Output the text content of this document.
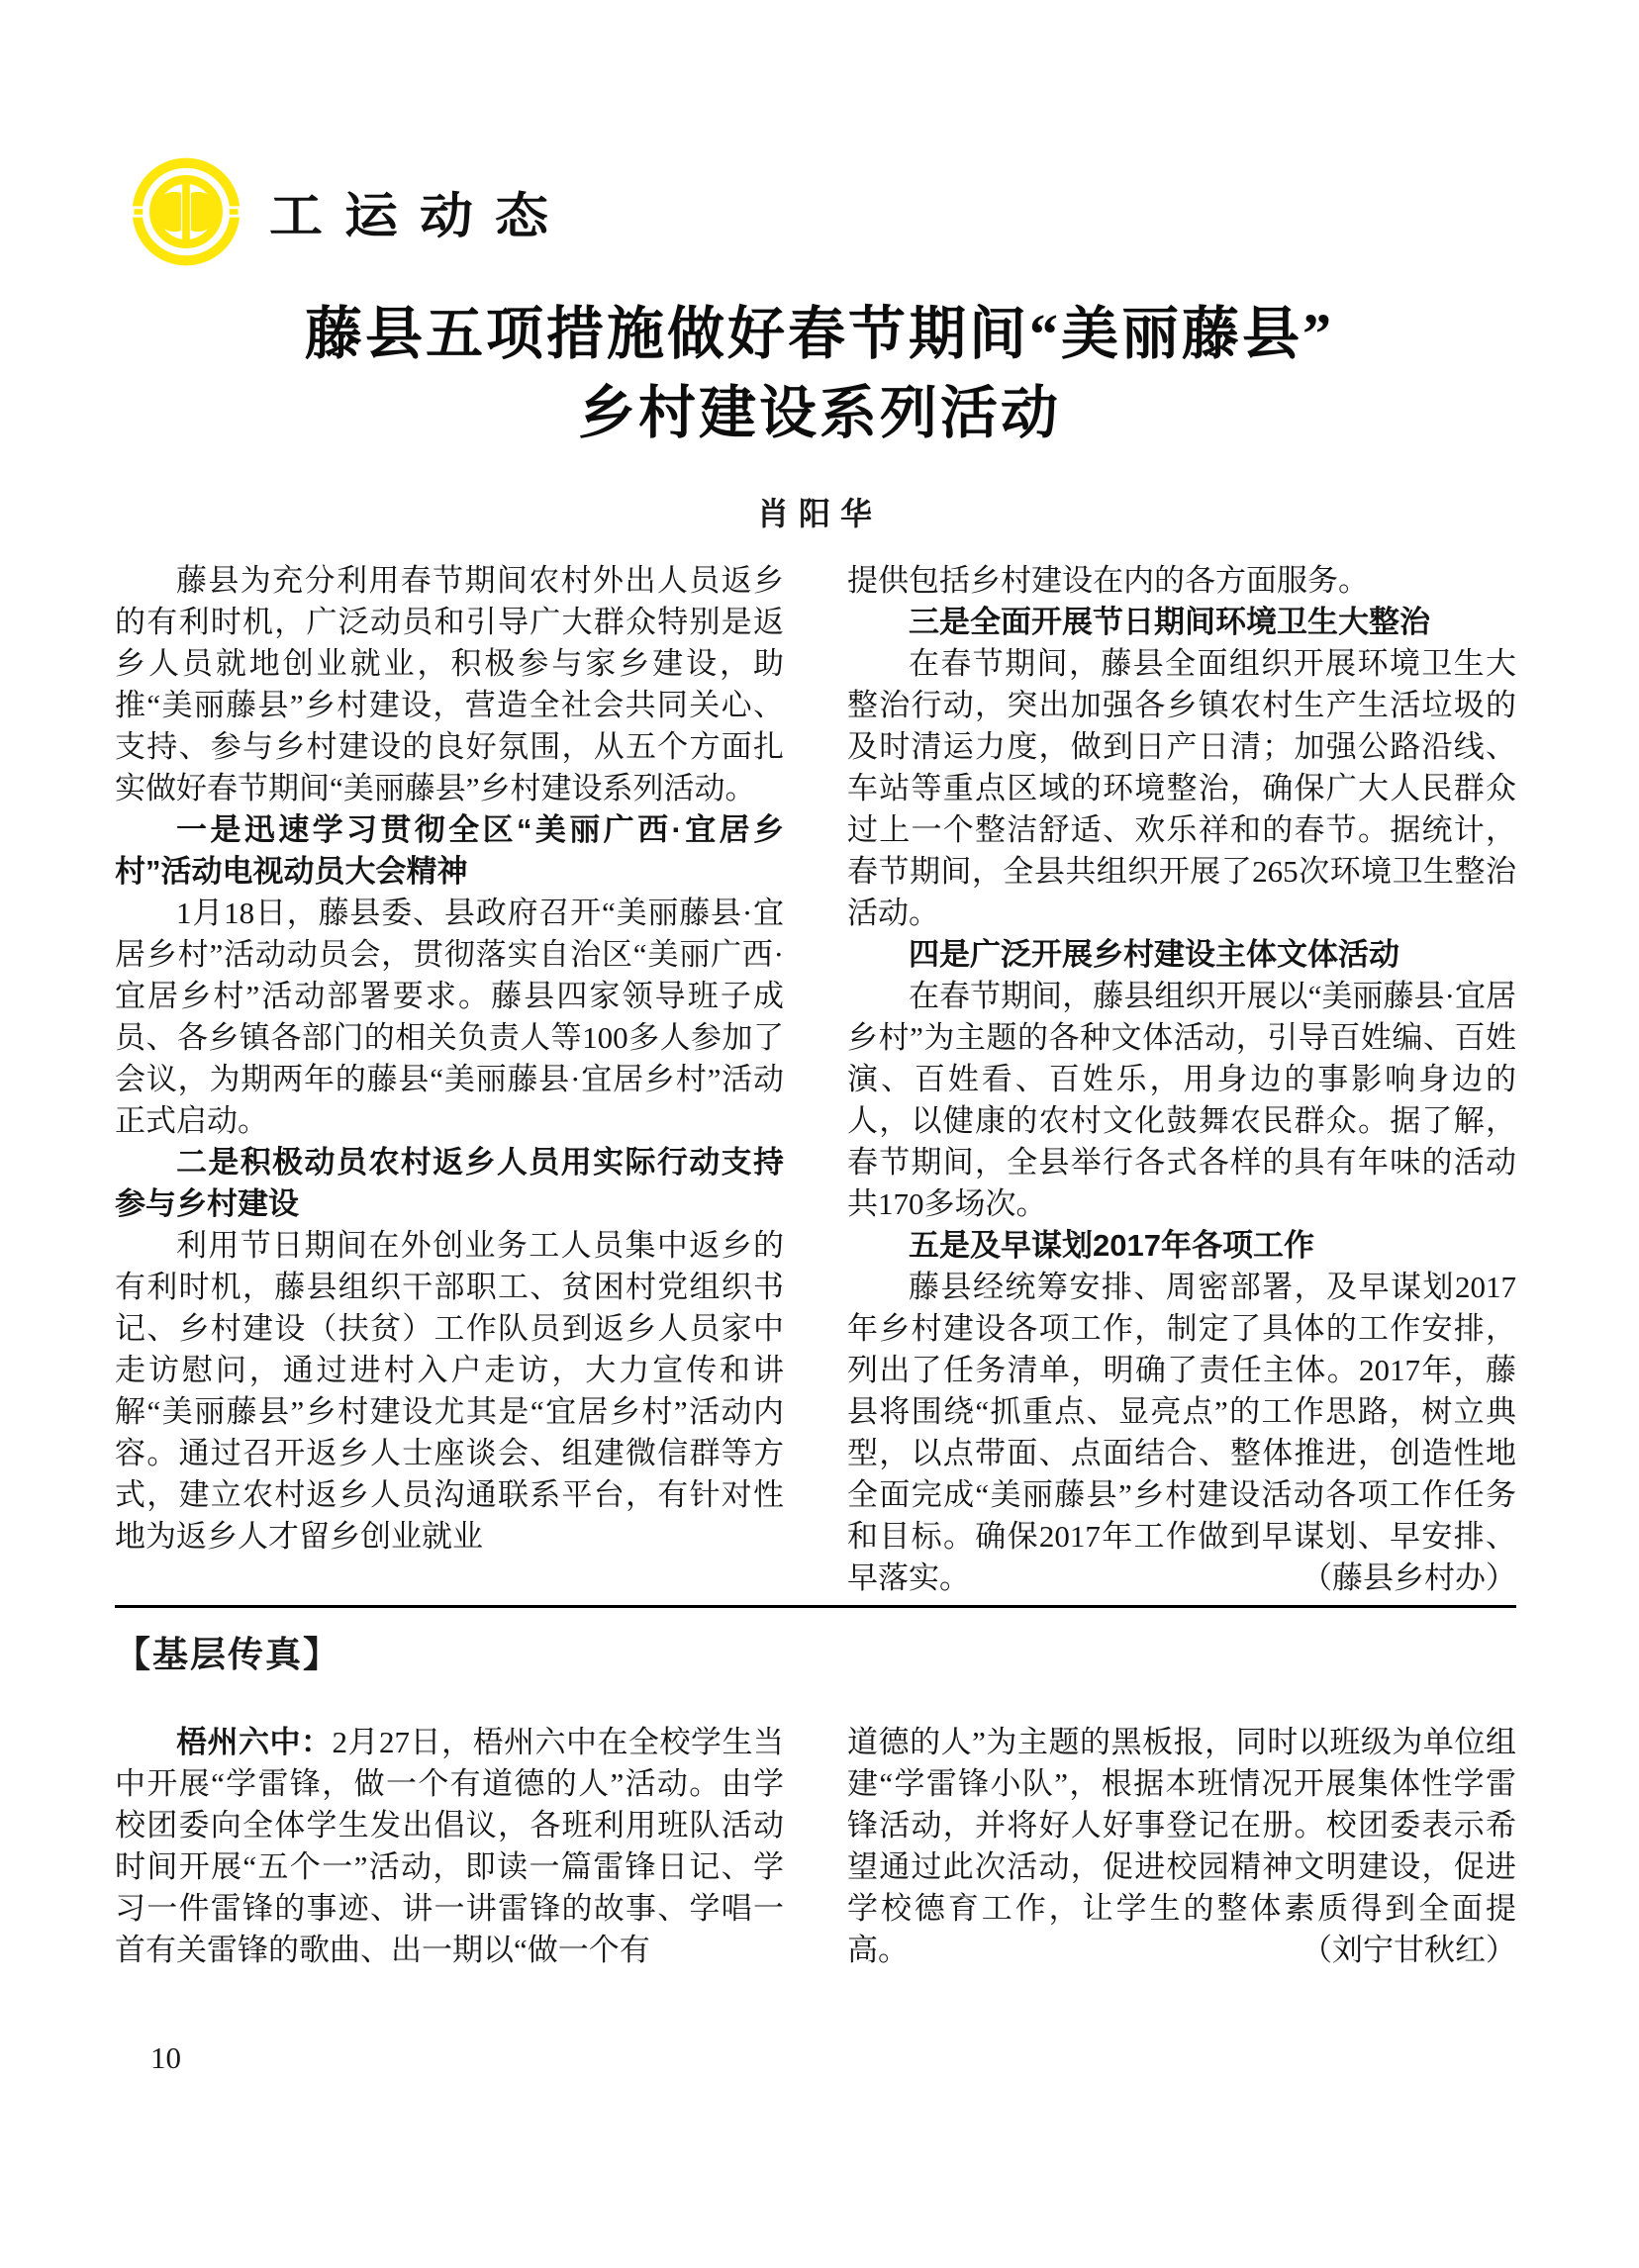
工运动态
藤县五项措施做好春节期间“美丽藤县”
乡村建设系列活动
肖阳华

藤县为充分利用春节期间农村外出人员返乡的有利时机，广泛动员和引导广大群众特别是返乡人员就地创业就业，积极参与家乡建设，助推“美丽藤县”乡村建设，营造全社会共同关心、支持、参与乡村建设的良好氛围，从五个方面扎实做好春节期间“美丽藤县”乡村建设系列活动。

一是迅速学习贯彻全区“美丽广西·宜居乡村”活动电视动员大会精神

1月18日，藤县委、县政府召开“美丽藤县·宜居乡村”活动动员会，贯彻落实自治区“美丽广西·宜居乡村”活动部署要求。藤县四家领导班子成员、各乡镇各部门的相关负责人等100多人参加了会议，为期两年的藤县“美丽藤县·宜居乡村”活动正式启动。

二是积极动员农村返乡人员用实际行动支持参与乡村建设

利用节日期间在外创业务工人员集中返乡的有利时机，藤县组织干部职工、贫困村党组织书记、乡村建设（扶贫）工作队员到返乡人员家中走访慰问，通过进村入户走访，大力宣传和讲解“美丽藤县”乡村建设尤其是“宜居乡村”活动内容。通过召开返乡人士座谈会、组建微信群等方式，建立农村返乡人员沟通联系平台，有针对性地为返乡人才留乡创业就业

提供包括乡村建设在内的各方面服务。

三是全面开展节日期间环境卫生大整治

在春节期间，藤县全面组织开展环境卫生大整治行动，突出加强各乡镇农村生产生活垃圾的及时清运力度，做到日产日清；加强公路沿线、车站等重点区域的环境整治，确保广大人民群众过上一个整洁舒适、欢乐祥和的春节。据统计，春节期间，全县共组织开展了265次环境卫生整治活动。

四是广泛开展乡村建设主体文体活动

在春节期间，藤县组织开展以“美丽藤县·宜居乡村”为主题的各种文体活动，引导百姓编、百姓演、百姓看、百姓乐，用身边的事影响身边的人，以健康的农村文化鼓舞农民群众。据了解，春节期间，全县举行各式各样的具有年味的活动共170多场次。

五是及早谋划2017年各项工作

藤县经统筹安排、周密部署，及早谋划2017年乡村建设各项工作，制定了具体的工作安排，列出了任务清单，明确了责任主体。2017年，藤县将围绕“抓重点、显亮点”的工作思路，树立典型，以点带面、点面结合、整体推进，创造性地全面完成“美丽藤县”乡村建设活动各项工作任务和目标。确保2017年工作做到早谋划、早安排、早落实。	（藤县乡村办）

【基层传真】

梧州六中：2月27日，梧州六中在全校学生当中开展“学雷锋，做一个有道德的人”活动。由学校团委向全体学生发出倡议，各班利用班队活动时间开展“五个一”活动，即读一篇雷锋日记、学习一件雷锋的事迹、讲一讲雷锋的故事、学唱一首有关雷锋的歌曲、出一期以“做一个有

道德的人”为主题的黑板报，同时以班级为单位组建“学雷锋小队”，根据本班情况开展集体性学雷锋活动，并将好人好事登记在册。校团委表示希望通过此次活动，促进校园精神文明建设，促进学校德育工作，让学生的整体素质得到全面提高。	（刘宁甘秋红）

10
